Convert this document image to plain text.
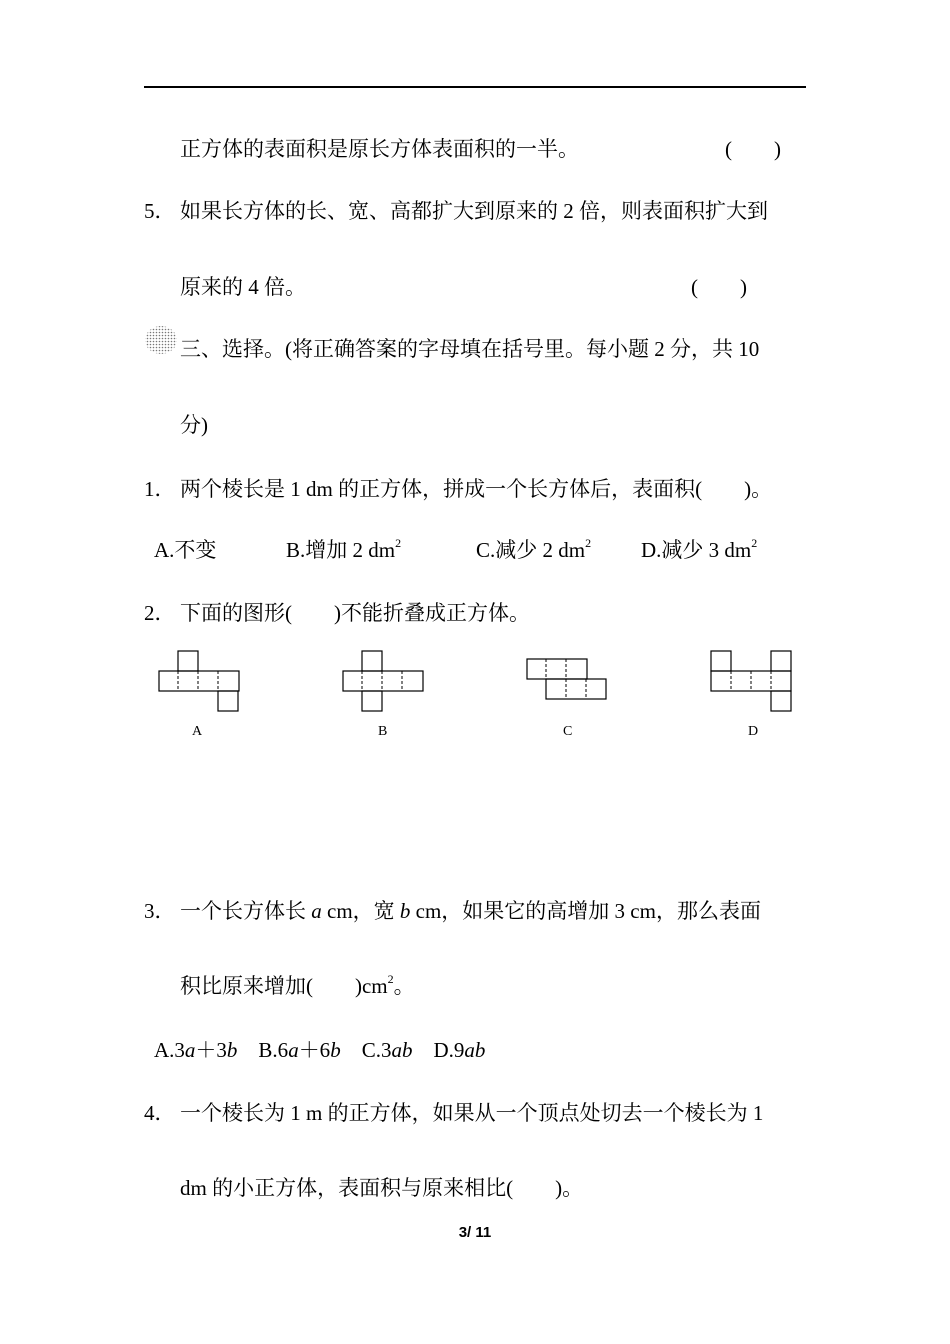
正方体的表面积是原长方体表面积的一半。	(　　)
5． 如果长方体的长、宽、高都扩大到原来的 2 倍，则表面积扩大到
原来的 4 倍。	(　　)
三、选择。(将正确答案的字母填在括号里。每小题 2 分，共 10
分)
1． 两个棱长是 1 dm 的正方体，拼成一个长方体后，表面积(　　)。
A.不变	B.增加 2 $dm^2$	C.减少 2 $dm^2$ D.减少 3 $dm^2$
2． 下面的图形(　　)不能折叠成正方体。
A	B	C	D
3． 一个长方体长 a cm，宽 b cm，如果它的高增加 3 cm，那么表面
积比原来增加(　　)$cm^2$。
A.3a＋3b B.6a＋6b C.3ab D.9ab
4． 一个棱长为 1 m 的正方体，如果从一个顶点处切去一个棱长为 1
dm 的小正方体，表面积与原来相比(　　)。
3/ 11
